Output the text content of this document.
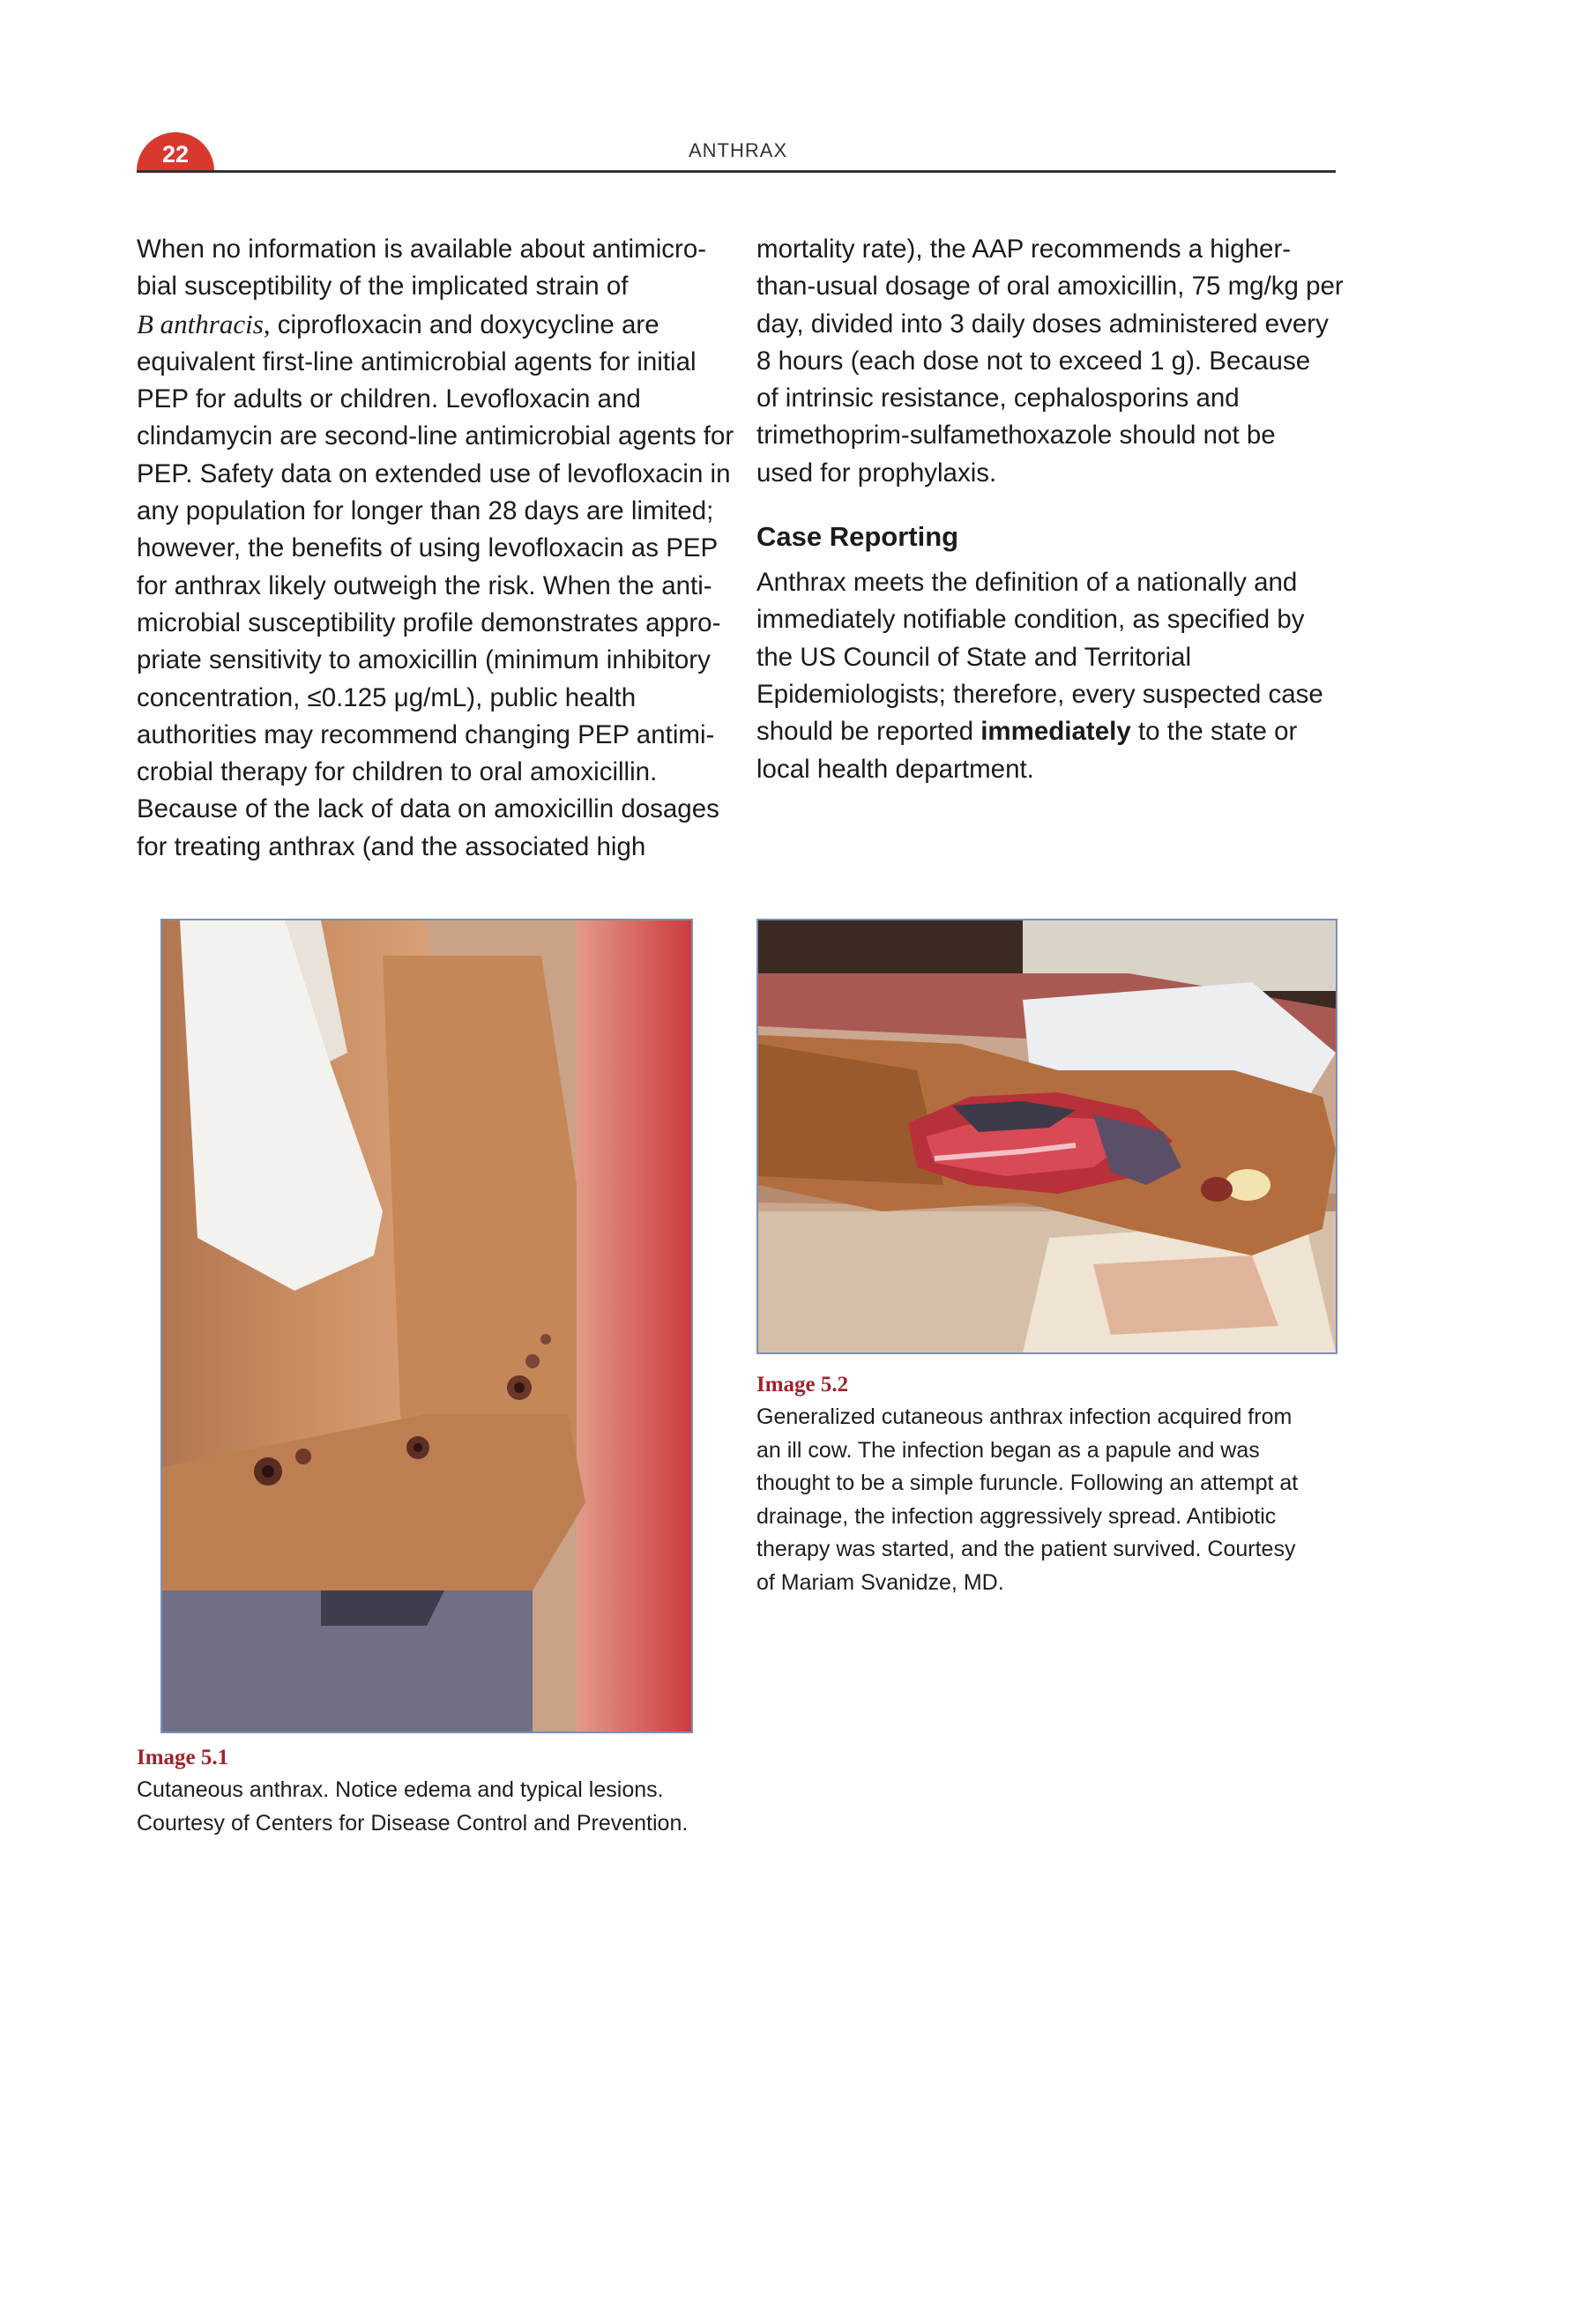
22	ANTHRAX
When no information is available about antimicro-
bial susceptibility of the implicated strain of
B anthracis, ciprofloxacin and doxycycline are
equivalent first-line antimicrobial agents for initial
PEP for adults or children. Levofloxacin and
clindamycin are second-line antimicrobial agents for
PEP. Safety data on extended use of levofloxacin in
any population for longer than 28 days are limited;
however, the benefits of using levofloxacin as PEP
for anthrax likely outweigh the risk. When the anti-
microbial susceptibility profile demonstrates appro-
priate sensitivity to amoxicillin (minimum inhibitory
concentration, ≤0.125 μg/mL), public health
authorities may recommend changing PEP antimi-
crobial therapy for children to oral amoxicillin.
Because of the lack of data on amoxicillin dosages
for treating anthrax (and the associated high
mortality rate), the AAP recommends a higher-
than-usual dosage of oral amoxicillin, 75 mg/kg per
day, divided into 3 daily doses administered every
8 hours (each dose not to exceed 1 g). Because
of intrinsic resistance, cephalosporins and
trimethoprim-sulfamethoxazole should not be
used for prophylaxis.
Case Reporting
Anthrax meets the definition of a nationally and
immediately notifiable condition, as specified by
the US Council of State and Territorial
Epidemiologists; therefore, every suspected case
should be reported immediately to the state or
local health department.
Image 5.2
Generalized cutaneous anthrax infection acquired from
an ill cow. The infection began as a papule and was
thought to be a simple furuncle. Following an attempt at
drainage, the infection aggressively spread. Antibiotic
therapy was started, and the patient survived. Courtesy
of Mariam Svanidze, MD.
Image 5.1
Cutaneous anthrax. Notice edema and typical lesions.
Courtesy of Centers for Disease Control and Prevention.
